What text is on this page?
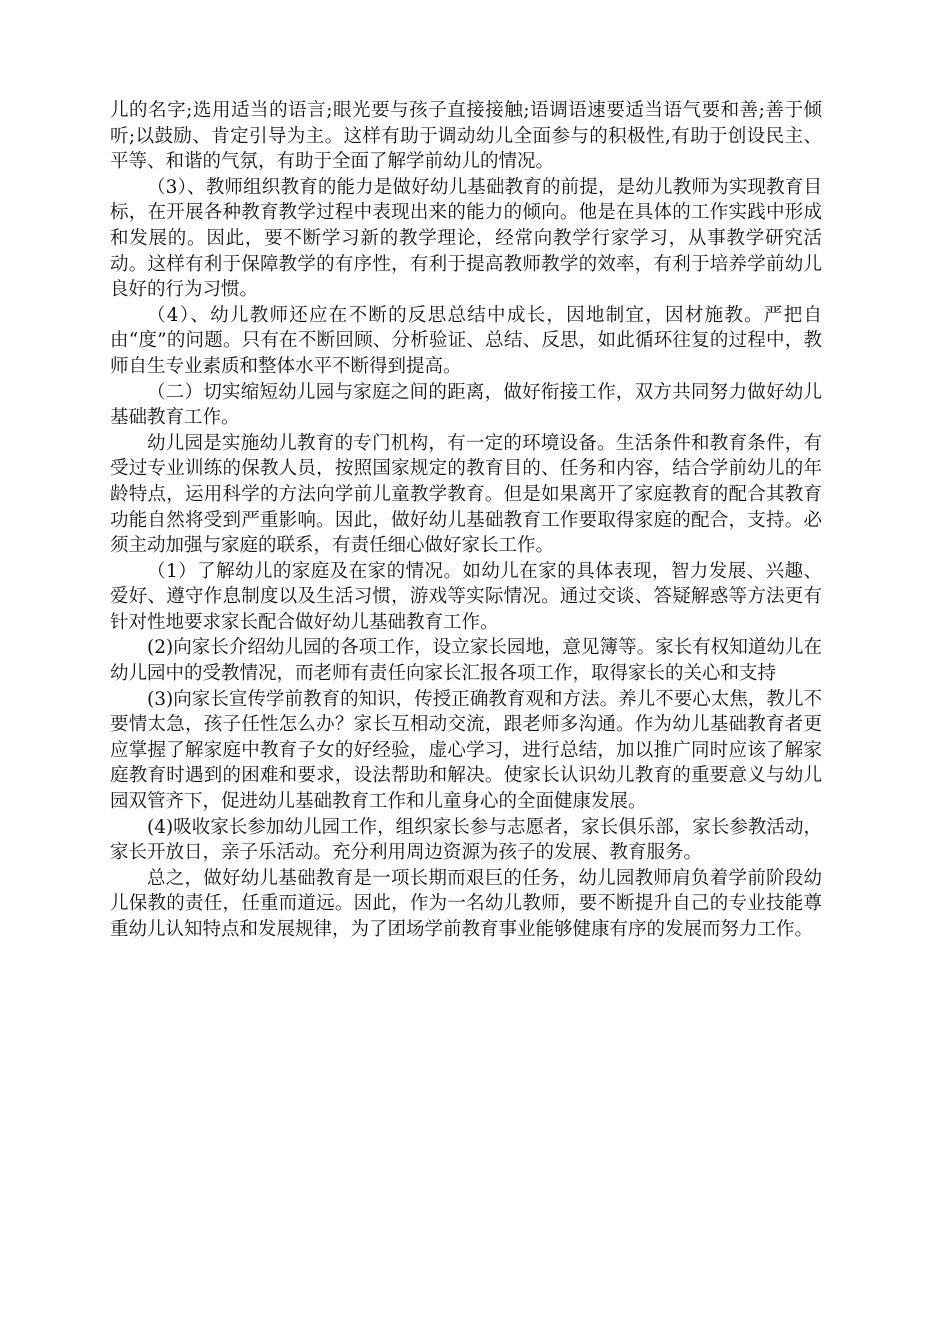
儿的名字;选用适当的语言;眼光要与孩子直接接触;语调语速要适当语气要和善;善于倾听;以鼓励、肯定引导为主。这样有助于调动幼儿全面参与的积极性,有助于创设民主、平等、和谐的气氛，有助于全面了解学前幼儿的情况。

（3）、教师组织教育的能力是做好幼儿基础教育的前提，是幼儿教师为实现教育目标，在开展各种教育教学过程中表现出来的能力的倾向。他是在具体的工作实践中形成和发展的。因此，要不断学习新的教学理论，经常向教学行家学习，从事教学研究活动。这样有利于保障教学的有序性，有利于提高教师教学的效率，有利于培养学前幼儿良好的行为习惯。

（4）、幼儿教师还应在不断的反思总结中成长，因地制宜，因材施教。严把自由“度”的问题。只有在不断回顾、分析验证、总结、反思，如此循环往复的过程中，教师自生专业素质和整体水平不断得到提高。

（二）切实缩短幼儿园与家庭之间的距离，做好衔接工作，双方共同努力做好幼儿基础教育工作。

幼儿园是实施幼儿教育的专门机构，有一定的环境设备。生活条件和教育条件，有受过专业训练的保教人员，按照国家规定的教育目的、任务和内容，结合学前幼儿的年龄特点，运用科学的方法向学前儿童教学教育。但是如果离开了家庭教育的配合其教育功能自然将受到严重影响。因此，做好幼儿基础教育工作要取得家庭的配合，支持。必须主动加强与家庭的联系，有责任细心做好家长工作。

（1）了解幼儿的家庭及在家的情况。如幼儿在家的具体表现，智力发展、兴趣、爱好、遵守作息制度以及生活习惯，游戏等实际情况。通过交谈、答疑解惑等方法更有针对性地要求家长配合做好幼儿基础教育工作。

(2)向家长介绍幼儿园的各项工作，设立家长园地，意见簿等。家长有权知道幼儿在幼儿园中的受教情况，而老师有责任向家长汇报各项工作，取得家长的关心和支持

(3)向家长宣传学前教育的知识，传授正确教育观和方法。养儿不要心太焦，教儿不要情太急，孩子任性怎么办？家长互相动交流，跟老师多沟通。作为幼儿基础教育者更应掌握了解家庭中教育子女的好经验，虚心学习，进行总结，加以推广同时应该了解家庭教育时遇到的困难和要求，设法帮助和解决。使家长认识幼儿教育的重要意义与幼儿园双管齐下，促进幼儿基础教育工作和儿童身心的全面健康发展。

(4)吸收家长参加幼儿园工作，组织家长参与志愿者，家长俱乐部，家长参教活动，家长开放日，亲子乐活动。充分利用周边资源为孩子的发展、教育服务。

总之，做好幼儿基础教育是一项长期而艰巨的任务，幼儿园教师肩负着学前阶段幼儿保教的责任，任重而道远。因此，作为一名幼儿教师，要不断提升自己的专业技能尊重幼儿认知特点和发展规律，为了团场学前教育事业能够健康有序的发展而努力工作。
